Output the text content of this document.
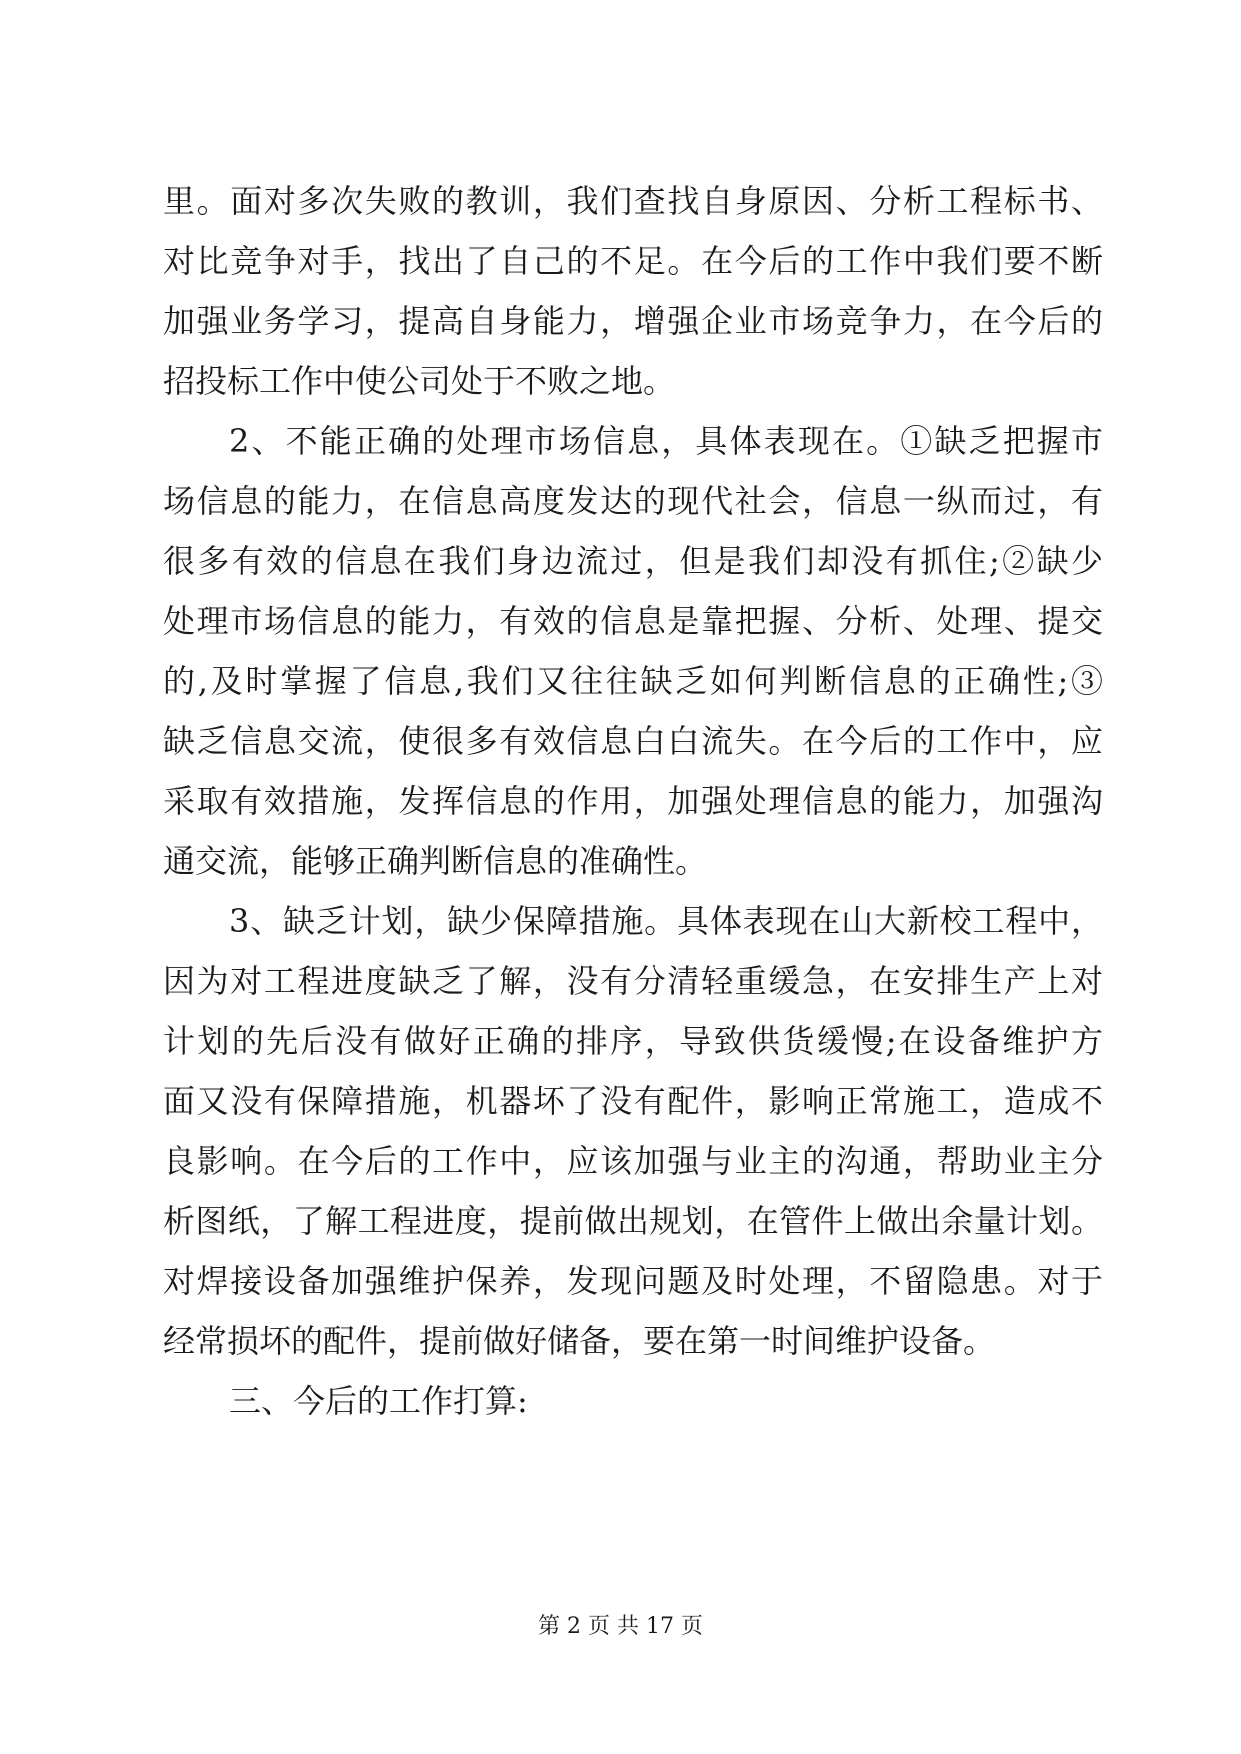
里。面对多次失败的教训，我们查找自身原因、分析工程标书、
对比竞争对手，找出了自己的不足。在今后的工作中我们要不断
加强业务学习，提高自身能力，增强企业市场竞争力，在今后的
招投标工作中使公司处于不败之地。
2、不能正确的处理市场信息，具体表现在。①缺乏把握市
场信息的能力，在信息高度发达的现代社会，信息一纵而过，有
很多有效的信息在我们身边流过，但是我们却没有抓住;②缺少
处理市场信息的能力，有效的信息是靠把握、分析、处理、提交
的,及时掌握了信息,我们又往往缺乏如何判断信息的正确性;③
缺乏信息交流，使很多有效信息白白流失。在今后的工作中，应
采取有效措施，发挥信息的作用，加强处理信息的能力，加强沟
通交流，能够正确判断信息的准确性。
3、缺乏计划，缺少保障措施。具体表现在山大新校工程中，
因为对工程进度缺乏了解，没有分清轻重缓急，在安排生产上对
计划的先后没有做好正确的排序，导致供货缓慢;在设备维护方
面又没有保障措施，机器坏了没有配件，影响正常施工，造成不
良影响。在今后的工作中，应该加强与业主的沟通，帮助业主分
析图纸，了解工程进度，提前做出规划，在管件上做出余量计划。
对焊接设备加强维护保养，发现问题及时处理，不留隐患。对于
经常损坏的配件，提前做好储备，要在第一时间维护设备。
三、今后的工作打算:
第 2 页 共 17 页
